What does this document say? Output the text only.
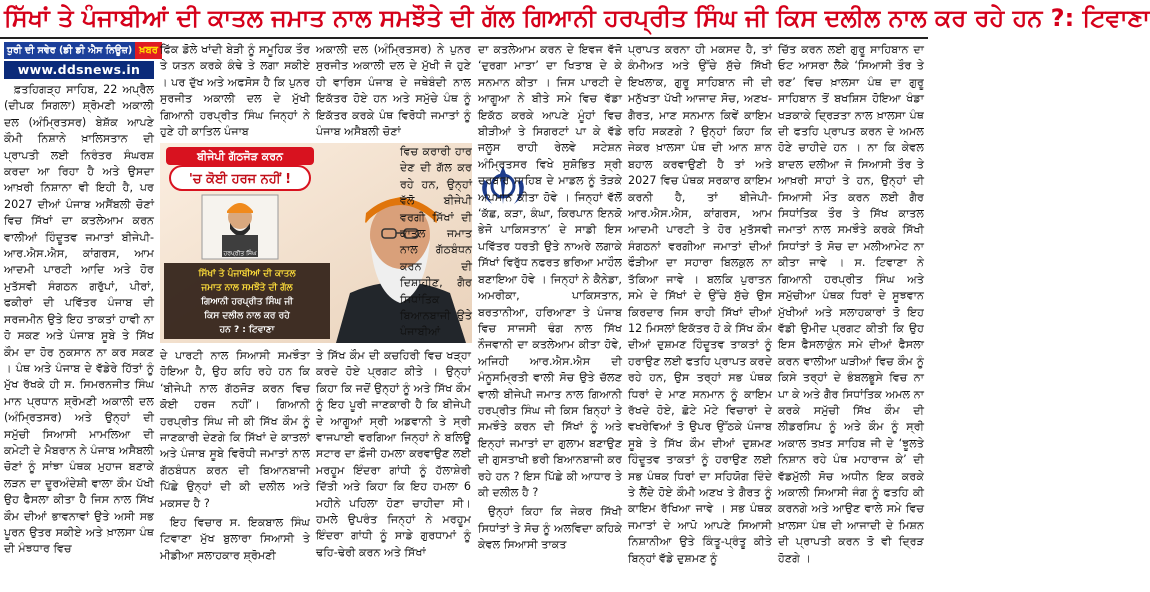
ਸਿੱਖਾਂ ਤੇ ਪੰਜਾਬੀਆਂ ਦੀ ਕਾਤਲ ਜਮਾਤ ਨਾਲ ਸਮਝੌਤੇ ਦੀ ਗੱਲ ਗਿਆਨੀ ਹਰਪ੍ਰੀਤ ਸਿੰਘ ਜੀ ਕਿਸ ਦਲੀਲ ਨਾਲ ਕਰ ਰਹੇ ਹਨ ?: ਟਿਵਾਣਾ
ਧੁਰੀ ਦੀ ਸਵੇਰ (ਡੀ ਡੀ ਐਸ ਨਿਊਜ਼) ਖ਼ਬਰ
www.ddsnews.in

ਫ਼ਤਹਿਗੜ੍ਹ ਸਾਹਿਬ, 22 ਅਪ੍ਰੈਲ (ਦੀਪਕ ਸਿਗਲਾ) ਸ਼੍ਰੋਮਣੀ ਅਕਾਲੀ ਦਲ (ਅੰਮ੍ਰਿਤਸਰ) ਬੇਸ਼ੱਕ ਆਪਣੇ ਕੌਮੀ ਨਿਸ਼ਾਨੇ ਖ਼ਾਲਿਸਤਾਨ ਦੀ ਪ੍ਰਾਪਤੀ ਲਈ ਨਿਰੰਤਰ ਸੰਘਰਸ਼ ਕਰਦਾ ਆ ਰਿਹਾ ਹੈ ਅਤੇ ਉਸਦਾ ਆਖ਼ਰੀ ਨਿਸ਼ਾਨਾ ਵੀ ਇਹੀ ਹੈ, ਪਰ 2027 ਦੀਆਂ ਪੰਜਾਬ ਅਸੈਂਬਲੀ ਚੋਣਾਂ ਵਿਚ ਸਿੱਖਾਂ ਦਾ ਕਤਲੇਆਮ ਕਰਨ ਵਾਲੀਆਂ ਹਿੰਦੂਤਵ ਜਮਾਤਾਂ ਬੀਜੇਪੀ-ਆਰ.ਐਸ.ਐਸ, ਕਾਂਗਰਸ, ਆਮ ਆਦਮੀ ਪਾਰਟੀ ਆਦਿ ਅਤੇ ਹੋਰ ਮੁਤੱਸਵੀ ਸੰਗਠਨ ਗਰੁੱਪਾਂ, ਪੀਰਾਂ, ਫਕੀਰਾਂ ਦੀ ਪਵਿੱਤਰ ਪੰਜਾਬ ਦੀ ਸਰਜਮੀਨ ਉਤੇ ਇਹ ਤਾਕਤਾਂ ਹਾਵੀ ਨਾ ਹੋ ਸਕਣ ਅਤੇ ਪੰਜਾਬ ਸੂਬੇ ਤੇ ਸਿੱਖ ਕੌਮ ਦਾ ਹੋਰ ਨੁਕਸਾਨ ਨਾ ਕਰ ਸਕਣ । ਪੰਥ ਅਤੇ ਪੰਜਾਬ ਦੇ ਵੱਡੇਰੇ ਹਿੱਤਾਂ ਨੂੰ ਮੁੱਖ ਰੱਖਕੇ ਹੀ ਸ. ਸਿਮਰਨਜੀਤ ਸਿੰਘ ਮਾਨ ਪ੍ਰਧਾਨ ਸ਼੍ਰੋਮਣੀ ਅਕਾਲੀ ਦਲ (ਅੰਮ੍ਰਿਤਸਰ) ਅਤੇ ਉਨ੍ਹਾਂ ਦੀ ਸਮੁੱਚੀ ਸਿਆਸੀ ਮਾਮਲਿਆ ਦੀ ਕਮੇਟੀ ਦੇ ਮੈਬਰਾਨ ਨੇ ਪੰਜਾਬ ਅਸੈਬਲੀ ਚੋਣਾਂ ਨੂੰ ਸਾਂਝਾ ਪੰਥਕ ਮੁਹਾਜ ਬਣਾਕੇ ਲੜਨ ਦਾ ਦੂਰਅੰਦੇਸ਼ੀ ਵਾਲਾ ਕੌਮ ਪੱਖੀ ਉਹ ਫੈਸਲਾ ਕੀਤਾ ਹੈ ਜਿਸ ਨਾਲ ਸਿੱਖ ਕੌਮ ਦੀਆਂ ਭਾਵਨਾਵਾਂ ਉਤੇ ਅਸੀ ਸਭ ਪੂਰਨ ਉਤਰ ਸਕੀਏ ਅਤੇ ਖ਼ਾਲਸਾ ਪੰਥ ਦੀ ਮੰਝਧਾਰ ਵਿਚ

ਫਿੱਕ ਡੋਲੇ ਖਾਂਦੀ ਬੇੜੀ ਨੂੰ ਸਮੂਹਿਕ ਤੌਰ ਤੇ ਯਤਨ ਕਰਕੇ ਕੰਢੇ ਤੇ ਲਗਾ ਸਕੀਏ । ਪਰ ਦੁੱਖ ਅਤੇ ਅਫਸੋਸ ਹੈ ਕਿ ਪੁਨਰ ਸੁਰਜੀਤ ਅਕਾਲੀ ਦਲ ਦੇ ਮੁੱਖੀ ਗਿਆਨੀ ਹਰਪ੍ਰੀਤ ਸਿੰਘ ਜਿਨ੍ਹਾਂ ਨੇ ਹੁਣੇ ਹੀ ਕਾਤਿਲ ਪੰਜਾਬ

ਅਕਾਲੀ ਦਲ (ਅੰਮ੍ਰਿਤਸਰ) ਨੇ ਪੁਨਰ ਸੁਰਜੀਤ ਅਕਾਲੀ ਦਲ ਦੇ ਮੁੱਖੀ ਜੋ ਹੁਣੇ ਹੀ ਵਾਰਿਸ ਪੰਜਾਬ ਦੇ ਜਥੇਬੰਦੀ ਨਾਲ ਇਕੱਤਰ ਹੋਏ ਹਨ ਅਤੇ ਸਮੁੱਚੇ ਪੰਥ ਨੂੰ ਇਕੱਤਰ ਕਰਕੇ ਪੰਥ ਵਿਰੋਧੀ ਜਮਾਤਾਂ ਨੂੰ ਪੰਜਾਬ ਅਸੈਬਲੀ ਚੋਣਾਂ

ਬੀਜੇਪੀ ਗੱਠਜੋੜ ਕਰਨ
'ਚ ਕੋਈ ਹਰਜ ਨਹੀਂ !
ਹਰਪ੍ਰੀਤ ਸਿੰਘ
ਸਿੱਖਾਂ ਤੇ ਪੰਜਾਬੀਆਂ ਦੀ ਕਾਤਲ
ਜਮਾਤ ਨਾਲ ਸਮਝੌਤੇ ਦੀ ਗੱਲ
ਗਿਆਨੀ ਹਰਪ੍ਰੀਤ ਸਿੰਘ ਜੀ
ਕਿਸ ਦਲੀਲ ਨਾਲ ਕਰ ਰਹੇ
ਹਨ ? : ਟਿਵਾਣਾ

ਦੇ ਪਾਰਟੀ ਨਾਲ ਸਿਆਸੀ ਸਮਝੌਤਾ ਹੋਇਆ ਹੈ, ਉਹ ਕਹਿ ਰਹੇ ਹਨ ਕਿ ‘ਬੀਜੇਪੀ ਨਾਲ ਗੱਠਜੋੜ ਕਰਨ ਵਿਚ ਕੋਈ ਹਰਜ ਨਹੀਂ’। ਗਿਆਨੀ ਹਰਪ੍ਰੀਤ ਸਿੰਘ ਜੀ ਕੀ ਸਿੱਖ ਕੌਮ ਨੂੰ ਜਾਣਕਾਰੀ ਦੇਣਗੇ ਕਿ ਸਿੱਖਾਂ ਦੇ ਕਾਤਲਾਂ ਅਤੇ ਪੰਜਾਬ ਸੂਬੇ ਵਿਰੋਧੀ ਜਮਾਤਾਂ ਨਾਲ ਗੱਠਬੰਧਨ ਕਰਨ ਦੀ ਬਿਆਨਬਾਜੀ ਪਿੱਛੇ ਉਨ੍ਹਾਂ ਦੀ ਕੀ ਦਲੀਲ ਅਤੇ ਮਕਸਦ ਹੈ ?

ਇਹ ਵਿਚਾਰ ਸ. ਇਕਬਾਲ ਸਿੰਘ ਟਿਵਾਣਾ ਮੁੱਖ ਬੁਲਾਰਾ ਸਿਆਸੀ ਤੇ ਮੀਡੀਆ ਸਲਾਹਕਾਰ ਸ਼੍ਰੋਮਣੀ

ਤੇ ਸਿੱਖ ਕੌਮ ਦੀ ਕਚਹਿਰੀ ਵਿਚ ਖੜ੍ਹਾ ਕਰਦੇ ਹੋਏ ਪ੍ਰਗਟ ਕੀਤੇ । ਉਨ੍ਹਾਂ ਕਿਹਾ ਕਿ ਜਦੋਂ ਉਨ੍ਹਾਂ ਨੂੰ ਅਤੇ ਸਿੱਖ ਕੌਮ ਨੂੰ ਇਹ ਪੂਰੀ ਜਾਣਕਾਰੀ ਹੈ ਕਿ ਬੀਜੇਪੀ ਦੇ ਆਗੂਆਂ ਸ੍ਰੀ ਅਡਵਾਨੀ ਤੇ ਸ੍ਰੀ ਵਾਜਪਾਈ ਵਰਗਿਆ ਜਿਨ੍ਹਾਂ ਨੇ ਬਲਿਊ ਸਟਾਰ ਦਾ ਫ਼ੌਜੀ ਹਮਲਾ ਕਰਵਾਉਣ ਲਈ ਮਰਹੂਮ ਇੰਦਰਾ ਗਾਂਧੀ ਨੂੰ ਹੱਲਾਸ਼ੇਰੀ ਦਿੱਤੀ ਅਤੇ ਕਿਹਾ ਕਿ ਇਹ ਹਮਲਾ 6 ਮਹੀਨੇ ਪਹਿਲਾ ਹੋਣਾ ਚਾਹੀਦਾ ਸੀ। ਹਮਲੇ ਉਪਰੰਤ ਜਿਨ੍ਹਾਂ ਨੇ ਮਰਹੂਮ ਇੰਦਰਾ ਗਾਂਧੀ ਨੂੰ ਸਾਡੇ ਗੁਰਧਾਮਾਂ ਨੂੰ ਢਹਿ-ਢੇਰੀ ਕਰਨ ਅਤੇ ਸਿੱਖਾਂ

ਦਾ ਕਤਲੇਆਮ ਕਰਨ ਦੇ ਇਵਜ ਵੱਜੋ ‘ਦੁਰਗਾ ਮਾਤਾ’ ਦਾ ਖਿਤਾਬ ਦੇ ਕੇ ਸਨਮਾਨ ਕੀਤਾ । ਜਿਸ ਪਾਰਟੀ ਦੇ ਆਗੂਆ ਨੇ ਬੀਤੇ ਸਮੇ ਵਿਚ ਵੱਡਾ ਇਕੱਠ ਕਰਕੇ ਆਪਣੇ ਮੂੰਹਾਂ ਵਿਚ ਬੀੜੀਆਂ ਤੇ ਸਿਗਰਟਾਂ ਪਾ ਕੇ ਵੱਡੇ ਜਲੂਸ ਰਾਹੀ ਰੇਲਵੇ ਸਟੇਸ਼ਨ ਅੰਮ੍ਰਿਤਸਰ ਵਿਖੇ ਸੁਸ਼ੋਭਿਤ ਸ੍ਰੀ ਦਰਬਾਰ ਸਾਹਿਬ ਦੇ ਮਾਡਲ ਨੂੰ ਤੋੜਕੇ ਅਪਮਾਨ ਕੀਤਾ ਹੋਵੇ । ਜਿਨ੍ਹਾਂ ਵੱਲੋਂ ‘ਕੱਛ, ਕੜਾ, ਕੰਘਾ, ਕਿਰਪਾਨ ਇਨਕੋ ਭੇਜੋ ਪਾਕਿਸਤਾਨ’ ਦੇ ਸਾਡੀ ਇਸ ਪਵਿੱਤਰ ਧਰਤੀ ਉਤੇ ਨਾਅਰੇ ਲਗਾਕੇ ਸਿੱਖਾਂ ਵਿਰੁੱਧ ਨਫਰਤ ਭਰਿਆ ਮਾਹੌਲ ਬਣਾਇਆ ਹੋਵੇ । ਜਿਨ੍ਹਾਂ ਨੇ ਕੈਨੇਡਾ, ਅਮਰੀਕਾ, ਪਾਕਿਸਤਾਨ, ਬਰਤਾਨੀਆ, ਹਰਿਆਣਾ ਤੇ ਪੰਜਾਬ ਵਿਚ ਸਾਜਸੀ ਢੰਗ ਨਾਲ ਸਿੱਖ ਨੌਜਵਾਨੀ ਦਾ ਕਤਲੇਆਮ ਕੀਤਾ ਹੋਵੇ, ਅਜਿਹੀ ਆਰ.ਐਸ.ਐਸ ਦੀ ਮੰਨੂਸਮ੍ਰਿਤੀ ਵਾਲੀ ਸੋਚ ਉਤੇ ਚੱਲਣ ਵਾਲੀ ਬੀਜੇਪੀ ਜਮਾਤ ਨਾਲ ਗਿਆਨੀ ਹਰਪ੍ਰੀਤ ਸਿੰਘ ਜੀ ਕਿਸ ਬਿਨ੍ਹਾਂ ਤੇ ਸਮਝੌਤੇ ਕਰਨ ਦੀ ਸਿੱਖਾਂ ਨੂੰ ਅਤੇ ਇਨ੍ਹਾਂ ਜਮਾਤਾਂ ਦਾ ਗੁਲਾਮ ਬਣਾਉਣ ਦੀ ਗੁਸਤਾਖੀ ਭਰੀ ਬਿਆਨਬਾਜੀ ਕਰ ਰਹੇ ਹਨ ? ਇਸ ਪਿੱਛੇ ਕੀ ਆਧਾਰ ਤੇ ਕੀ ਦਲੀਲ ਹੈ ?

ਉਨ੍ਹਾਂ ਕਿਹਾ ਕਿ ਜੇਕਰ ਸਿੱਖੀ ਸਿਧਾਂਤਾਂ ਤੇ ਸੋਚ ਨੂੰ ਅਲਵਿਦਾ ਕਹਿਕੇ ਕੇਵਲ ਸਿਆਸੀ ਤਾਕਤ

ਪ੍ਰਾਪਤ ਕਰਨਾ ਹੀ ਮਕਸਦ ਹੈ, ਤਾਂ ਕੰਮੀਅਤ ਅਤੇ ਉੱਚੇ ਸੁੱਚੇ ਸਿੱਖੀ ਇਖਲਾਕ, ਗੁਰੂ ਸਾਹਿਬਾਨ ਜੀ ਦੀ ਮਨੁੱਖਤਾ ਪੱਖੀ ਆਜਾਦ ਸੋਚ, ਅਣਖ-ਗੈਰਤ, ਮਾਣ ਸਨਮਾਨ ਕਿਵੇਂ ਕਾਇਮ ਰਹਿ ਸਕਣਗੇ ? ਉਨ੍ਹਾਂ ਕਿਹਾ ਕਿ ਜੇਕਰ ਖ਼ਾਲਸਾ ਪੰਥ ਦੀ ਆਨ ਸ਼ਾਨ ਬਹਾਲ ਕਰਵਾਉਣੀ ਹੈ ਤਾਂ ਅਤੇ 2027 ਵਿਚ ਪੰਥਕ ਸਰਕਾਰ ਕਾਇਮ ਕਰਨੀ ਹੈ, ਤਾਂ ਬੀਜੇਪੀ-ਆਰ.ਐਸ.ਐਸ, ਕਾਂਗਰਸ, ਆਮ ਆਦਮੀ ਪਾਰਟੀ ਤੇ ਹੋਰ ਮੁਤੱਸਵੀ ਸੰਗਠਨਾਂ ਵਰਗੀਆ ਜਮਾਤਾਂ ਦੀਆਂ ਫੌੜੀਆ ਦਾ ਸਹਾਰਾ ਬਿਲਕੁਲ ਨਾ ਤੱਕਿਆ ਜਾਵੇ । ਬਲਕਿ ਪੁਰਾਤਨ ਸਮੇ ਦੇ ਸਿੱਖਾਂ ਦੇ ਉੱਚੇ ਸੁੱਚੇ ਉਸ ਕਿਰਦਾਰ ਜਿਸ ਰਾਹੀ ਸਿੱਖਾਂ ਦੀਆਂ 12 ਮਿਸਲਾਂ ਇਕੱਤਰ ਹੋ ਕੇ ਸਿੱਖ ਕੌਮ ਦੀਆਂ ਦੁਸ਼ਮਣ ਹਿੰਦੂਤਵ ਤਾਕਤਾਂ ਨੂੰ ਹਰਾਉਣ ਲਈ ਫਤਹਿ ਪ੍ਰਾਪਤ ਕਰਦੇ ਰਹੇ ਹਨ, ਉਸ ਤਰ੍ਹਾਂ ਸਭ ਪੰਥਕ ਧਿਰਾਂ ਦੇ ਮਾਣ ਸਨਮਾਨ ਨੂੰ ਕਾਇਮ ਰੱਖਦੇ ਹੋਏ, ਛੋਟੇ ਮੋਟੇ ਵਿਚਾਰਾਂ ਦੇ ਵਖਰੇਵਿਆਂ ਤੋ ਉਪਰ ਉੱਠਕੇ ਪੰਜਾਬ ਸੂਬੇ ਤੇ ਸਿੱਖ ਕੌਮ ਦੀਆਂ ਦੁਸ਼ਮਣ ਹਿੰਦੂਤਵ ਤਾਕਤਾਂ ਨੂੰ ਹਰਾਉਣ ਲਈ ਸਭ ਪੰਥਕ ਧਿਰਾਂ ਦਾ ਸਹਿਯੋਗ ਦਿੰਦੇ ਤੇ ਲੈਂਦੇ ਹੋਏ ਕੌਮੀ ਅਣਖ ਤੇ ਗੈਰਤ ਨੂੰ ਕਾਇਮ ਰੱਖਿਆ ਜਾਵੇ । ਸਭ ਪੰਥਕ ਜਮਾਤਾਂ ਦੇ ਆਪੋ ਆਪਣੇ ਸਿਆਸੀ ਨਿਸ਼ਾਨੀਆ ਉਤੇ ਕਿੰਤੂ-ਪ੍ਰੰਤੂ ਕੀਤੇ ਬਿਨ੍ਹਾਂ ਵੱਡੇ ਦੁਸ਼ਮਣ ਨੂੰ

ਚਿੱਤ ਕਰਨ ਲਈ ਗੁਰੂ ਸਾਹਿਬਾਨ ਦਾ ਓਟ ਆਸਰਾ ਲੈਕੇ ‘ਸਿਆਸੀ ਤੌਰ ਤੇ ਰਣ’ ਵਿਚ ਖ਼ਾਲਸਾ ਪੰਥ ਦਾ ਗੁਰੂ ਸਾਹਿਬਾਨ ਤੋਂ ਬਖਸ਼ਿਸ ਹੋਇਆ ਖੰਡਾ ਖੜਕਾਕੇ ਦ੍ਰਿੜਤਾ ਨਾਲ ਖ਼ਾਲਸਾ ਪੰਥ ਦੀ ਫਤਹਿ ਪ੍ਰਾਪਤ ਕਰਨ ਦੇ ਅਮਲ ਹੋਣੇ ਚਾਹੀਦੇ ਹਨ । ਨਾ ਕਿ ਕੇਵਲ ਬਾਦਲ ਦਲੀਆ ਜੋ ਸਿਆਸੀ ਤੌਰ ਤੇ ਆਖ਼ਰੀ ਸਾਹਾਂ ਤੇ ਹਨ, ਉਨ੍ਹਾਂ ਦੀ ਸਿਆਸੀ ਮੌਤ ਕਰਨ ਲਈ ਗੈਰ ਸਿਧਾਂਤਿਕ ਤੌਰ ਤੇ ਸਿੱਖ ਕਾਤਲ ਜਮਾਤਾਂ ਨਾਲ ਸਮਝੌਤੇ ਕਰਕੇ ਸਿੱਖੀ ਸਿਧਾਂਤਾਂ ਤੋ ਸੋਚ ਦਾ ਮਲੀਆਮੇਟ ਨਾ ਕੀਤਾ ਜਾਵੇ । ਸ. ਟਿਵਾਣਾ ਨੇ ਗਿਆਨੀ ਹਰਪ੍ਰੀਤ ਸਿੰਘ ਅਤੇ ਸਮੁੱਚੀਆ ਪੰਥਕ ਧਿਰਾਂ ਦੇ ਸੂਝਵਾਨ ਮੁੱਖੀਆਂ ਅਤੇ ਸਲਾਹਕਾਰਾਂ ਤੋ ਇਹ ਵੱਡੀ ਉਮੀਦ ਪ੍ਰਗਟ ਕੀਤੀ ਕਿ ਉਹ ਇਸ ਫੈਸਲਾਕੁੰਨ ਸਮੇ ਦੀਆਂ ਫੈਸਲਾ ਕਰਨ ਵਾਲੀਆ ਘੜੀਆਂ ਵਿਚ ਕੌਮ ਨੂੰ ਕਿਸੇ ਤਰ੍ਹਾਂ ਦੇ ਭੰਬਲਭੂਸੇ ਵਿਚ ਨਾ ਪਾ ਕੇ ਅਤੇ ਗੈਰ ਸਿਧਾਂਤਿਕ ਅਮਲ ਨਾ ਕਰਕੇ ਸਮੁੱਚੀ ਸਿੱਖ ਕੌਮ ਦੀ ਲੀਡਰਸਿਪ ਨੂੰ ਅਤੇ ਕੌਮ ਨੂੰ ਸ੍ਰੀ ਅਕਾਲ ਤਖ਼ਤ ਸਾਹਿਬ ਜੀ ਦੇ ‘ਝੂਲਤੇ ਨਿਸ਼ਾਨ ਰਹੇ ਪੰਥ ਮਹਾਰਾਜ ਕੇ’ ਦੀ ਵੱਡਮੁੱਲੀ ਸੋਚ ਅਧੀਨ ਇਕ ਕਰਕੇ ਅਕਾਲੀ ਸਿਆਸੀ ਜੰਗ ਨੂੰ ਫਤਹਿ ਕੀ ਕਰਨਗੇ ਅਤੇ ਆਉਣ ਵਾਲੇ ਸਮੇ ਵਿਚ ਖ਼ਾਲਸਾ ਪੰਥ ਦੀ ਆਜਾਦੀ ਦੇ ਮਿਸ਼ਨ ਦੀ ਪ੍ਰਾਪਤੀ ਕਰਨ ਤੋ ਵੀ ਦ੍ਰਿੜ ਹੋਣਗੇ ।

ਵਿਚ ਕਰਾਰੀ ਹਾਰ ਦੇਣ ਦੀ ਗੱਲ ਕਰ ਰਹੇ ਹਨ, ਉਨ੍ਹਾਂ ਵੱਲੋ ਬੀਜੇਪੀ ਵਰਗੀ ਸਿੱਖਾਂ ਦੀ ਕਾਤਲ ਜਮਾਤ ਨਾਲ ਗੱਠਬੰਧਨ ਕਰਨ ਦੀ ਦਿਸ਼ਾਹੀਣ, ਗੈਰ ਸਿਧਾਂਤਿਕ ਬਿਆਨਬਾਜੀ ਉਤੇ ਪੰਜਾਬੀਆਂ
